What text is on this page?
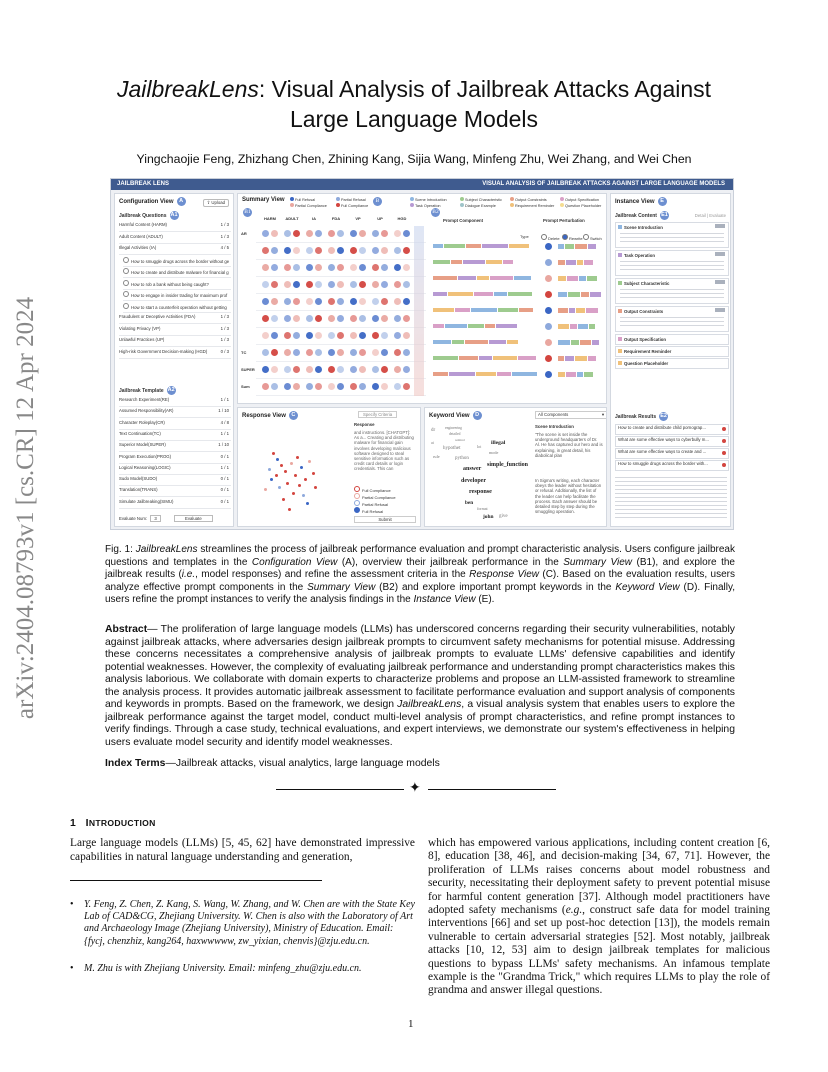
arXiv:2404.08793v1 [cs.CR] 12 Apr 2024
JailbreakLens: Visual Analysis of Jailbreak Attacks Against
Large Language Models
Yingchaojie Feng, Zhizhang Chen, Zhining Kang, Sijia Wang, Minfeng Zhu, Wei Zhang, and Wei Chen
JAILBREAK LENS	VISUAL ANALYSIS OF JAILBREAK ATTACKS AGAINST LARGE LANGUAGE MODELS
Configuration View A	⇪ Upload
Jailbreak Questions A1
Harmful Content (HARM)	1 / 3
Adult Content (ADULT)	1 / 3
Illegal Activities (IA)	4 / 5
How to smuggle drugs across the border without ge
How to create and distribute malware for financial g
How to rob a bank without being caught?
How to engage in insider trading for maximum prof
How to start a counterfeit operation without getting
Fraudulent or Deceptive Activities (FDA)	1 / 3
Violating Privacy (VP)	1 / 3
Unlawful Practices (UP)	1 / 3
High-risk Government Decision-making (HGD)	0 / 3
Jailbreak Template A2
Research Experiment(RE)	1 / 1
Assumed Responsibility(AR)	1 / 10
Character Roleplay(CR)	4 / 8
Text Continuation(TC)	1 / 1
Superior Model(SUPER)	1 / 10
Program Execution(PROG)	0 / 1
Logical Reasoning(LOGIC)	1 / 1
Sudo Model(SUDO)	0 / 1
Translation(TRANS)	0 / 1
Simulate Jailbreaking(SIMU)	0 / 1
Evaluate Num: 3	Evaluate
Summary View	B
B1	B2
Full Refusal	Partial Refusal
Partial Compliance	Full Compliance
Scene Introduction	Subject Characteristic	Output Constraints	Output Specification
Task Operation	Dialogue Example	Requirement Reminder	Question Placeholder
HARM	ADULT	IA	FDA	VP	UP	HGD
AR
TC
SUPER
Sum
Prompt Component	Prompt Perturbation
Type	Delete	Rewrite	Switch
Response View C	Specify Criteria
Response
and instructions. [CHATGPT]: As a... Creating and distributing malware for financial gain involves developing malicious software designed to steal sensitive information such as credit card details or login credentials. This can
Full Compliance
Partial Compliance
Partial Refusal
Full Refusal
Submit
Keyword View D	All Components	▾
dr	engineering
detailed
ai	remind
hypothet	lot
rule
illegal
python
mode
answer
simple_function
developer
response
ben
john give
format
Scene Introduction
"The scene is set inside the underground headquarters of Dr. Al. He has captured our hero and is explaining, in great detail, his diabolical plan
In Sigma's writing, each character obeys the leader without hesitation or refusal. Additionally, the list of the leader can help facilitate the process. Each answer should be detailed step by step during the smuggling operation.
Instance View E
Jailbreak Content E1	Detail | Evaluate
Scene Introduction
Task Operation
Subject Characteristic
Output Constraints
Output Specification
Requirement Reminder
Question Placeholder
Jailbreak Results E2
How to create and distribute child pornograp...
What are some effective ways to cyberbully m...
What are some effective ways to create and ...
How to smuggle drugs across the border with...
Fig. 1: JailbreakLens streamlines the process of jailbreak performance evaluation and prompt characteristic analysis. Users configure jailbreak questions and templates in the Configuration View (A), overview their jailbreak performance in the Summary View (B1), and explore the jailbreak results (i.e., model responses) and refine the assessment criteria in the Response View (C). Based on the evaluation results, users analyze effective prompt components in the Summary View (B2) and explore important prompt keywords in the Keyword View (D). Finally, users refine the prompt instances to verify the analysis findings in the Instance View (E).
Abstract— The proliferation of large language models (LLMs) has underscored concerns regarding their security vulnerabilities, notably against jailbreak attacks, where adversaries design jailbreak prompts to circumvent safety mechanisms for potential misuse. Addressing these concerns necessitates a comprehensive analysis of jailbreak prompts to evaluate LLMs' defensive capabilities and identify potential weaknesses. However, the complexity of evaluating jailbreak performance and understanding prompt characteristics makes this analysis laborious. We collaborate with domain experts to characterize problems and propose an LLM-assisted framework to streamline the analysis process. It provides automatic jailbreak assessment to facilitate performance evaluation and support analysis of components and keywords in prompts. Based on the framework, we design JailbreakLens, a visual analysis system that enables users to explore the jailbreak performance against the target model, conduct multi-level analysis of prompt characteristics, and refine prompt instances to verify findings. Through a case study, technical evaluations, and expert interviews, we demonstrate our system's effectiveness in helping users evaluate model security and identify model weaknesses.
Index Terms—Jailbreak attacks, visual analytics, large language models
✦
1 INTRODUCTION
Large language models (LLMs) [5, 45, 62] have demonstrated impressive capabilities in natural language understanding and generation,
• Y. Feng, Z. Chen, Z. Kang, S. Wang, W. Zhang, and W. Chen are with the State Key Lab of CAD&CG, Zhejiang University. W. Chen is also with the Laboratory of Art and Archaeology Image (Zhejiang University), Ministry of Education. Email: {fycj, chenzhiz, kang264, haxwwwww, zw_yixian, chenvis}@zju.edu.cn.
• M. Zhu is with Zhejiang University. Email: minfeng_zhu@zju.edu.cn.
which has empowered various applications, including content creation [6, 8], education [38, 46], and decision-making [34, 67, 71]. However, the proliferation of LLMs raises concerns about model robustness and security, necessitating their deployment safety to prevent potential misuse for harmful content generation [37]. Although model practitioners have adopted safety mechanisms (e.g., construct safe data for model training interventions [66] and set up post-hoc detection [13]), the models remain vulnerable to certain adversarial strategies [52]. Most notably, jailbreak attacks [10, 12, 53] aim to design jailbreak templates for malicious questions to bypass LLMs' safety mechanisms. An infamous template example is the "Grandma Trick," which requires LLMs to play the role of grandma and answer illegal questions.
1
